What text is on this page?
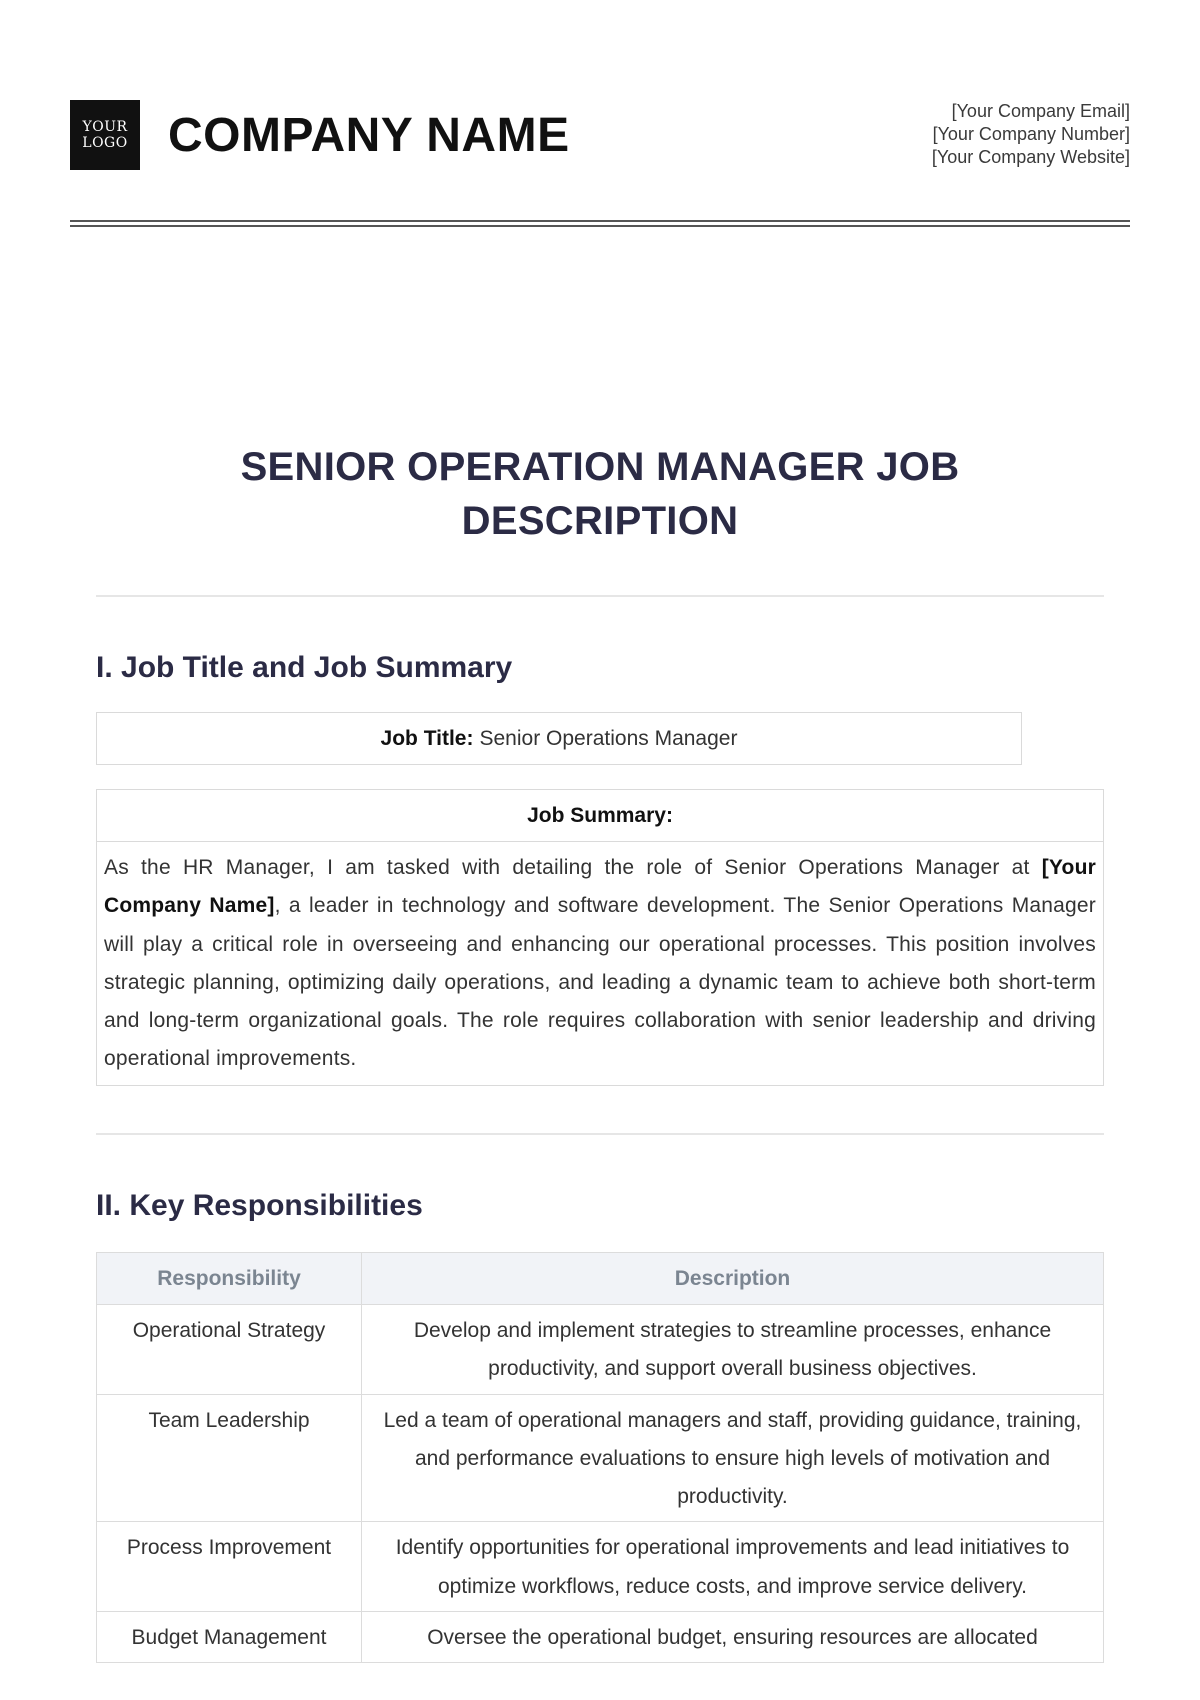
YOUR
LOGO COMPANY NAME	[Your Company Email]
[Your Company Number]
[Your Company Website]
SENIOR OPERATION MANAGER JOB
DESCRIPTION
I. Job Title and Job Summary
Job Title: Senior Operations Manager
Job Summary:
As the HR Manager, I am tasked with detailing the role of Senior Operations Manager at [Your Company Name], a leader in technology and software development. The Senior Operations Manager will play a critical role in overseeing and enhancing our operational processes. This position involves strategic planning, optimizing daily operations, and leading a dynamic team to achieve both short-term and long-term organizational goals. The role requires collaboration with senior leadership and driving operational improvements.
II. Key Responsibilities
Responsibility	Description
Operational Strategy	Develop and implement strategies to streamline processes, enhance productivity, and support overall business objectives.
Team Leadership	Led a team of operational managers and staff, providing guidance, training, and performance evaluations to ensure high levels of motivation and productivity.
Process Improvement	Identify opportunities for operational improvements and lead initiatives to optimize workflows, reduce costs, and improve service delivery.
Budget Management	Oversee the operational budget, ensuring resources are allocated
